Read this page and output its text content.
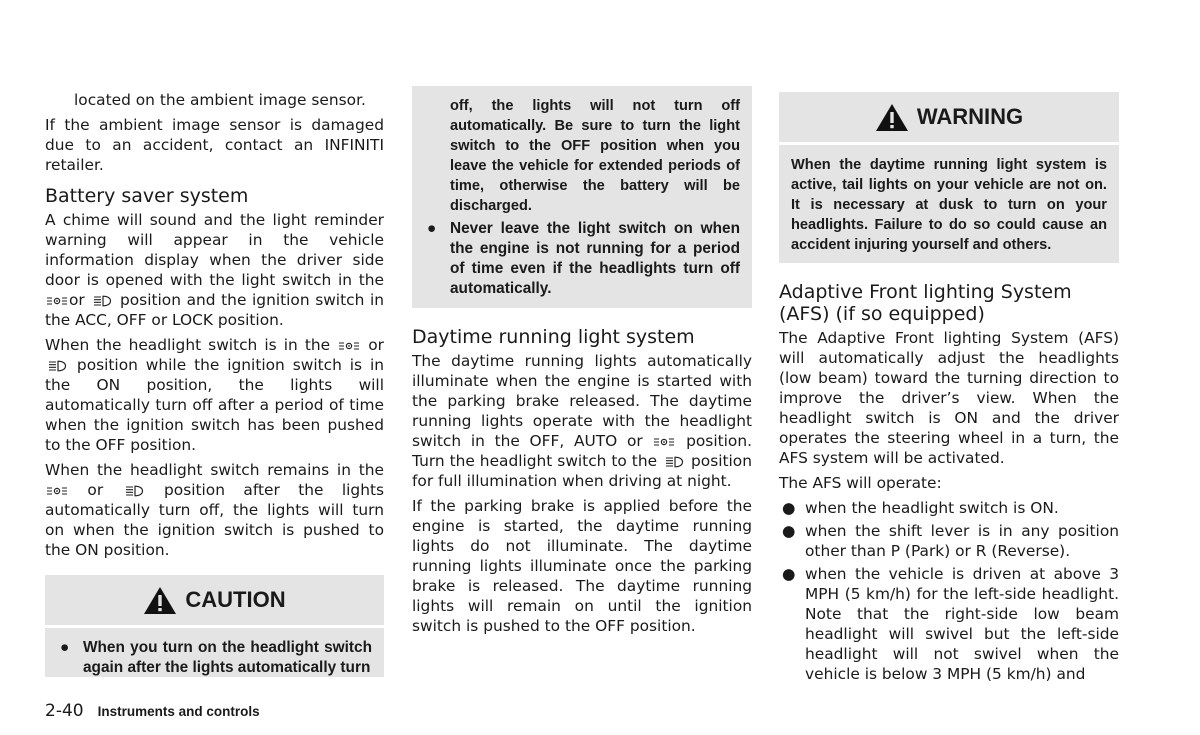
located on the ambient image sensor.

If the ambient image sensor is damaged due to an accident, contact an INFINITI retailer.

Battery saver system

A chime will sound and the light reminder warning will appear in the vehicle information display when the driver side door is opened with the light switch in the
or position and the ignition switch in the ACC, OFF or LOCK position.

When the headlight switch is in the or
position while the ignition switch is in the ON position, the lights will automatically turn off after a period of time when the ignition switch has been pushed to the OFF position.

When the headlight switch remains in the
or	position after the lights automatically turn off, the lights will turn on when the ignition switch is pushed to the ON position.

CAUTION
● When you turn on the headlight switch again after the lights automatically turn

off, the lights will not turn off automatically. Be sure to turn the light switch to the OFF position when you leave the vehicle for extended periods of time, otherwise the battery will be discharged.

● Never leave the light switch on when the engine is not running for a period of time even if the headlights turn off automatically.
Daytime running light system

The daytime running lights automatically illuminate when the engine is started with the parking brake released. The daytime running lights operate with the headlight switch in the OFF, AUTO or	position. Turn the headlight switch to the position for full illumination when driving at night.

If the parking brake is applied before the engine is started, the daytime running lights do not illuminate. The daytime running lights illuminate once the parking brake is released. The daytime running lights will remain on until the ignition switch is pushed to the OFF position.

WARNING

When the daytime running light system is active, tail lights on your vehicle are not on. It is necessary at dusk to turn on your headlights. Failure to do so could cause an accident injuring yourself and others.

Adaptive Front lighting System (AFS) (if so equipped)

The Adaptive Front lighting System (AFS) will automatically adjust the headlights (low beam) toward the turning direction to improve the driver’s view. When the headlight switch is ON and the driver operates the steering wheel in a turn, the AFS system will be activated.

The AFS will operate:

● when the headlight switch is ON.
● when the shift lever is in any position other than P (Park) or R (Reverse).
● when the vehicle is driven at above 3 MPH (5 km/h) for the left-side headlight. Note that the right-side low beam headlight will swivel but the left-side headlight will not swivel when the vehicle is below 3 MPH (5 km/h) and
2-40 Instruments and controls
